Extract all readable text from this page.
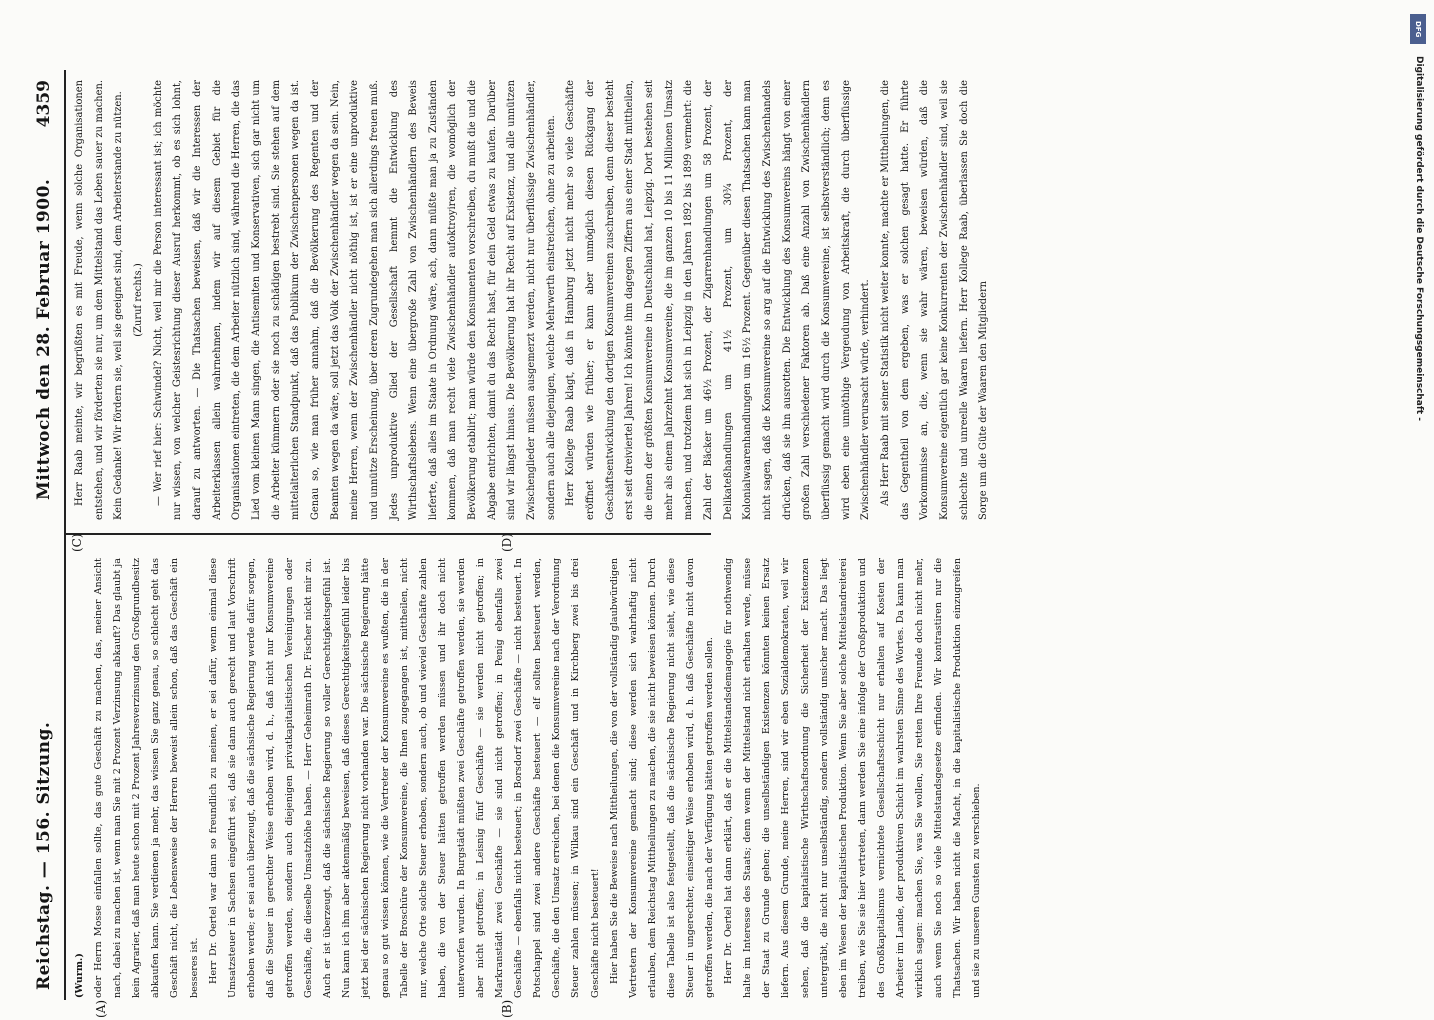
Reichstag. — 156. Sitzung.
Mittwoch den 28. Februar 1900.
4359
(A)	(B)
(C)	(D)

(Wurm.) oder Herrn Mosse einfallen sollte, das gute Geschäft zu machen, das, meiner Ansicht nach, dabei zu machen ist, wenn man Sie mit 2 Prozent Verzinsung abkauft? Das glaubt ja kein Agrarier, daß man heute schon mit 2 Prozent Jahresverzinsung den Großgrundbesitz abkaufen kann. Sie verdienen ja mehr, das wissen Sie ganz genau, so schlecht geht das Geschäft nicht, die Lebensweise der Herren beweist allein schon, daß das Geschäft ein besseres ist. Herr Dr. Oertel war dann so freundlich zu meinen, er sei dafür, wenn einmal diese Umsatzsteuer in Sachsen eingeführt sei, daß sie dann auch gerecht und laut Vorschrift erhoben werde; er sei auch überzeugt, daß die sächsische Regierung werde dafür sorgen, daß die Steuer in gerechter Weise erhoben wird, d. h., daß nicht nur Konsumvereine getroffen werden, sondern auch diejenigen privatkapitalistischen Vereinigungen oder Geschäfte, die dieselbe Umsatzhöhe haben. — Herr Geheimrath Dr. Fischer nickt mir zu. Auch er ist überzeugt, daß die sächsische Regierung so voller Gerechtigkeitsgefühl ist. Nun kann ich ihm aber aktenmäßig beweisen, daß dieses Gerechtigkeitsgefühl leider bis jetzt bei der sächsischen Regierung nicht vorhanden war. Die sächsische Regierung hätte genau so gut wissen können, wie die Vertreter der Konsumvereine es wußten, die in der Tabelle der Broschüre der Konsumvereine, die Ihnen zugegangen ist, mittheilen, nicht nur, welche Orte solche Steuer erhoben, sondern auch, ob und wieviel Geschäfte zahlen haben, die von der Steuer hätten getroffen werden müssen und ihr doch nicht unterworfen wurden. In Burgstädt müßten zwei Geschäfte getroffen werden, sie werden aber nicht getroffen; in Leisnig fünf Geschäfte — sie werden nicht getroffen; in Markranstädt zwei Geschäfte — sie sind nicht getroffen; in Penig ebenfalls zwei Geschäfte — ebenfalls nicht besteuert; in Borsdorf zwei Geschäfte — nicht besteuert. In Potschappel sind zwei andere Geschäfte besteuert — elf sollten besteuert werden, Geschäfte, die den Umsatz erreichen, bei denen die Konsumvereine nach der Verordnung Steuer zahlen müssen; in Wilkau sind ein Geschäft und in Kirchberg zwei bis drei Geschäfte nicht besteuert! Hier haben Sie die Beweise nach Mittheilungen, die von der vollständig glaubwürdigen Vertretern der Konsumvereine gemacht sind; diese werden sich wahrhaftig nicht erlauben, dem Reichstag Mittheilungen zu machen, die sie nicht beweisen können. Durch diese Tabelle ist also festgestellt, daß die sächsische Regierung nicht sieht, wie diese Steuer in ungerechter, einseitiger Weise erhoben wird, d. h. daß Geschäfte nicht davon getroffen werden, die nach der Verfügung hätten getroffen werden sollen. Herr Dr. Oertel hat dann erklärt, daß er die Mittelstandsdemagogie für nothwendig halte im Interesse des Staats; denn wenn der Mittelstand nicht erhalten werde, müsse der Staat zu Grunde gehen; die unselbständigen Existenzen könnten keinen Ersatz liefern. Aus diesem Grunde, meine Herren, sind wir eben Sozialdemokraten, weil wir sehen, daß die kapitalistische Wirthschaftsordnung die Sicherheit der Existenzen untergräbt, die nicht nur unselbständig, sondern vollständig unsicher macht. Das liegt eben im Wesen der kapitalistischen Produktion. Wenn Sie aber solche Mittelstandreiterei treiben, wie Sie sie hier vertreten, dann werden Sie eine infolge der Großproduktion und des Großkapitalismus vernichtete Gesellschaftsschicht nur erhalten auf Kosten der Arbeiter im Lande, der produktiven Schicht im wahrsten Sinne des Wortes. Da kann man wirklich sagen: machen Sie, was Sie wollen, Sie retten Ihre Freunde doch nicht mehr, auch wenn Sie noch so viele Mittelstandsgesetze erfinden. Wir kontrastiren nur die Thatsachen. Wir haben nicht die Macht, in die kapitalistische Produktion einzugreifen und sie zu unseren Gunsten zu verschieben.

Herr Raab meinte, wir begrüßten es mit Freude, wenn solche Organisationen entstehen, und wir förderten sie nur, um dem Mittelstand das Leben sauer zu machen. Kein Gedanke! Wir fördern sie, weil sie geeignet sind, dem Arbeiterstande zu nützen. (Zuruf rechts.) — Wer rief hier: Schwindel? Nicht, weil mir die Person interessant ist; ich möchte nur wissen, von welcher Geistesrichtung dieser Ausruf herkommt, ob es sich lohnt, darauf zu antworten. — Die Thatsachen beweisen, daß wir die Interessen der Arbeiterklassen allein wahrnehmen, indem wir auf diesem Gebiet für die Organisationen eintreten, die dem Arbeiter nützlich sind, während die Herren, die das Lied vom kleinen Mann singen, die Antisemiten und Konservativen, sich gar nicht um die Arbeiter kümmern oder sie noch zu schädigen bestrebt sind. Sie stehen auf dem mittelalterlichen Standpunkt, daß das Publikum der Zwischenpersonen wegen da ist. Genau so, wie man früher annahm, daß die Bevölkerung des Regenten und der Beamten wegen da wäre, soll jetzt das Volk der Zwischenhändler wegen da sein. Nein, meine Herren, wenn der Zwischenhändler nicht nöthig ist, ist er eine unproduktive und unnütze Erscheinung, über deren Zugrundegehen man sich allerdings freuen muß. Jedes unproduktive Glied der Gesellschaft hemmt die Entwicklung des Wirthschaftslebens. Wenn eine übergroße Zahl von Zwischenhändlern des Beweis lieferte, daß alles im Staate in Ordnung wäre, ach, dann müßte man ja zu Zuständen kommen, daß man recht viele Zwischenhändler aufoktroyiren, die womöglich der Bevölkerung etablirt; man würde den Konsumenten vorschreiben, du mußt die und die Abgabe entrichten, damit du das Recht hast, für dein Geld etwas zu kaufen. Darüber sind wir längst hinaus. Die Bevölkerung hat ihr Recht auf Existenz, und alle unnützen Zwischenglieder müssen ausgemerzt werden, nicht nur überflüssige Zwischenhändler, sondern auch alle diejenigen, welche Mehrwerth einstreichen, ohne zu arbeiten. Herr Kollege Raab klagt, daß in Hamburg jetzt nicht mehr so viele Geschäfte eröffnet würden wie früher; er kann aber unmöglich diesen Rückgang der Geschäftsentwicklung den dortigen Konsumvereinen zuschreiben, denn dieser besteht erst seit dreiviertel Jahren! Ich könnte ihm dagegen Ziffern aus einer Stadt mittheilen, die einen der größten Konsumvereine in Deutschland hat, Leipzig. Dort bestehen seit mehr als einem Jahrzehnt Konsumvereine, die im ganzen 10 bis 11 Millionen Umsatz machen, und trotzdem hat sich in Leipzig in den Jahren 1892 bis 1899 vermehrt: die Zahl der Bäcker um 46½ Prozent, der Zigarrenhandlungen um 58 Prozent, der Delikateßhandlungen um 41½ Prozent, um 30¾ Prozent, der Kolonialwaarenhandlungen um 16½ Prozent. Gegenüber diesen Thatsachen kann man nicht sagen, daß die Konsumvereine so arg auf die Entwicklung des Zwischenhandels drücken, daß sie ihn ausrotten. Die Entwicklung des Konsumvereins hängt von einer großen Zahl verschiedener Faktoren ab. Daß eine Anzahl von Zwischenhändlern überflüssig gemacht wird durch die Konsumvereine, ist selbstverständlich; denn es wird eben eine unnöthige Vergeudung von Arbeitskraft, die durch überflüssige Zwischenhändler verursacht würde, verhindert. Als Herr Raab mit seiner Statistik nicht weiter konnte, machte er Mittheilungen, die das Gegentheil von dem ergeben, was er solchen gesagt hatte. Er führte Vorkommnisse an, die, wenn sie wahr wären, beweisen würden, daß die Konsumvereine eigentlich gar keine Konkurrenten der Zwischenhändler sind, weil sie schlechte und unreelle Waaren liefern. Herr Kollege Raab, überlassen Sie doch die Sorge um die Güte der Waaren den Mitgliedern

DFG
Digitalisierung gefördert durch die Deutsche Forschungsgemeinschaft -
